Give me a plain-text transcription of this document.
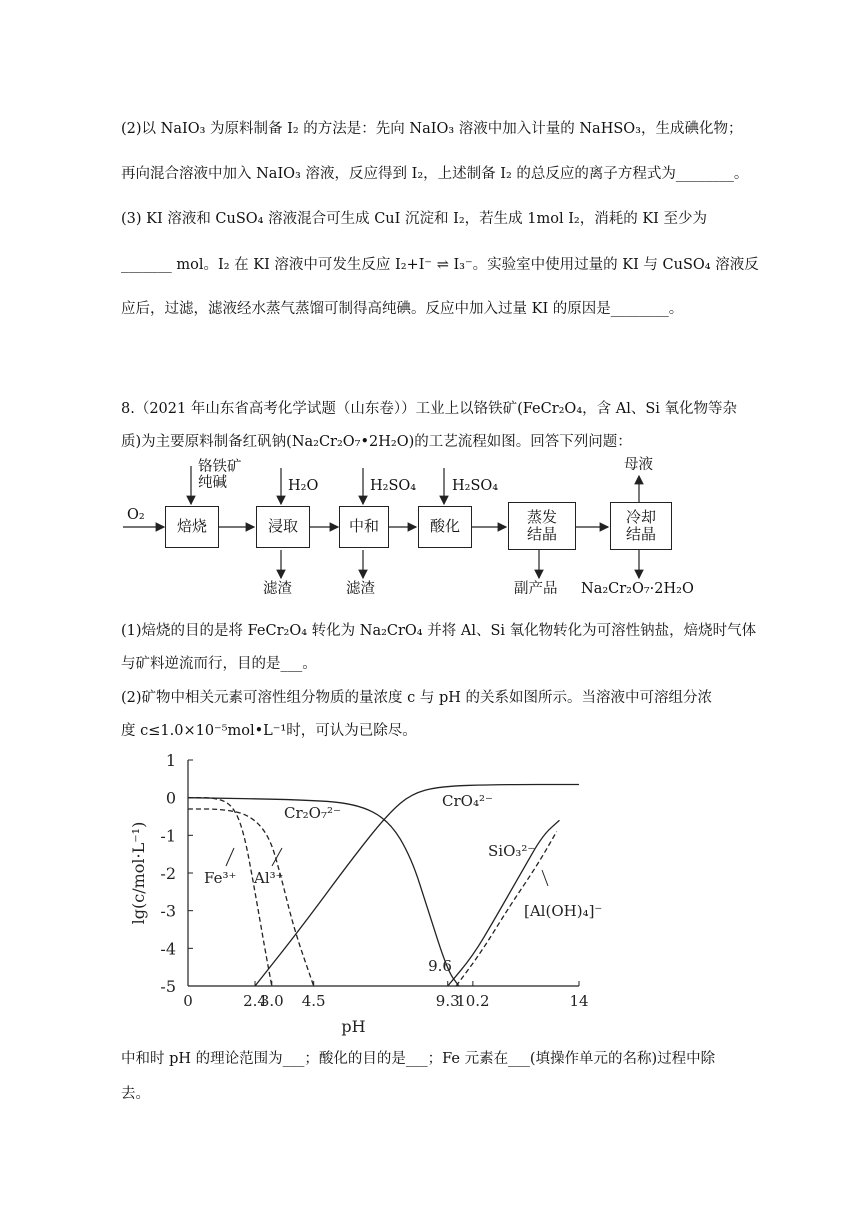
(2)以 NaIO₃ 为原料制备 I₂ 的方法是：先向 NaIO₃ 溶液中加入计量的 NaHSO₃，生成碘化物；
再向混合溶液中加入 NaIO₃ 溶液，反应得到 I₂，上述制备 I₂ 的总反应的离子方程式为________。
(3) KI 溶液和 CuSO₄ 溶液混合可生成 CuI 沉淀和 I₂，若生成 1mol I₂，消耗的 KI 至少为
_______ mol。I₂ 在 KI 溶液中可发生反应 I₂+I⁻ ⇌ I₃⁻。实验室中使用过量的 KI 与 CuSO₄ 溶液反
应后，过滤，滤液经水蒸气蒸馏可制得高纯碘。反应中加入过量 KI 的原因是________。
8.（2021 年山东省高考化学试题（山东卷））工业上以铬铁矿(FeCr₂O₄，含 Al、Si 氧化物等杂
质)为主要原料制备红矾钠(Na₂Cr₂O₇•2H₂O)的工艺流程如图。回答下列问题：
O₂
焙烧	浸取	中和	酸化
蒸发
结晶
冷却
结晶
铬铁矿
纯碱	H₂O	H₂SO₄ H₂SO₄
滤渣	滤渣	副产品 Na₂Cr₂O₇·2H₂O
母液
(1)焙烧的目的是将 FeCr₂O₄ 转化为 Na₂CrO₄ 并将 Al、Si 氧化物转化为可溶性钠盐，焙烧时气体
与矿料逆流而行，目的是___。
(2)矿物中相关元素可溶性组分物质的量浓度 c 与 pH 的关系如图所示。当溶液中可溶组分浓
度 c≤1.0×10⁻⁵mol•L⁻¹时，可认为已除尽。
1
0
-1
-2
-3
-4
-5
0	2.4
3.0 4.5	9.3
10.2	14
pH
lg(c/mol·L⁻¹)	Fe³⁺ Al³⁺
Cr₂O₇²⁻
CrO₄²⁻
SiO₃²⁻
[Al(OH)₄]⁻
9.6
中和时 pH 的理论范围为___；酸化的目的是___；Fe 元素在___(填操作单元的名称)过程中除
去。
